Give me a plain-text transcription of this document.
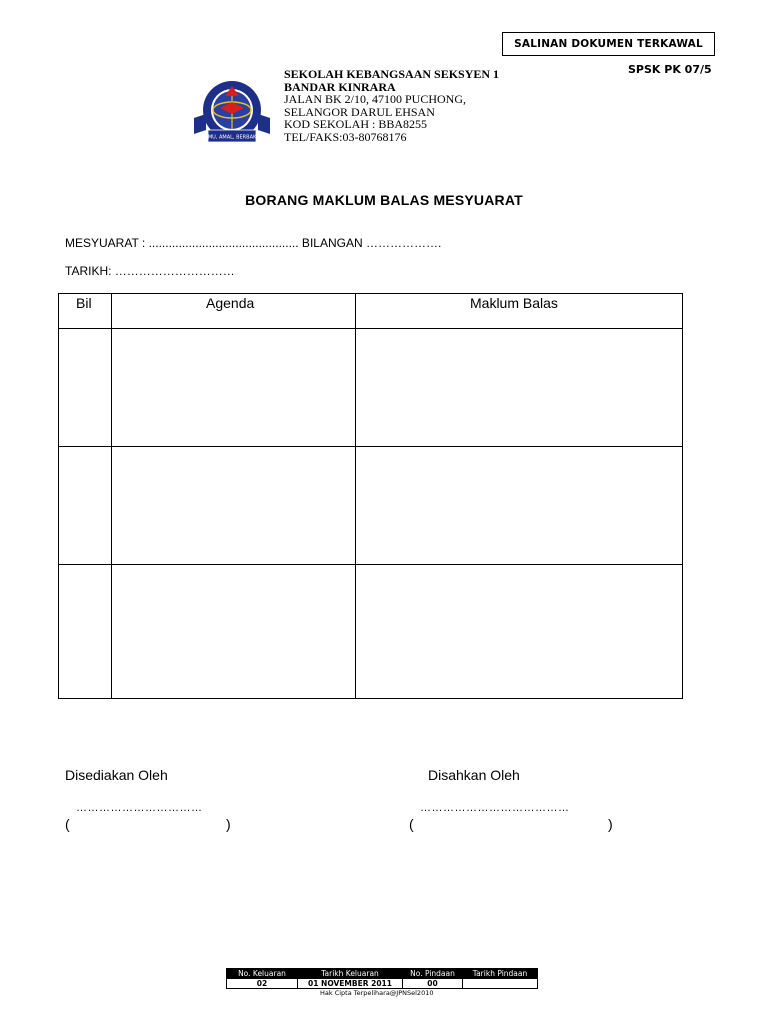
SALINAN DOKUMEN TERKAWAL
SPSK PK 07/5
ILMU, AMAL, BERBAKTI
SEKOLAH KEBANGSAAN SEKSYEN 1
BANDAR KINRARA
JALAN BK 2/10, 47100 PUCHONG,
SELANGOR DARUL EHSAN
KOD SEKOLAH : BBA8255
TEL/FAKS:03-80768176
BORANG MAKLUM BALAS MESYUARAT
MESYUARAT : ............................................. BILANGAN ……………….
TARIKH: …………………………
Bil	Agenda	Maklum Balas

Disediakan Oleh	Disahkan Oleh
……………………………	…………………………………
(	)	(	)
No. Keluaran	Tarikh Keluaran	No. Pindaan	Tarikh Pindaan
02	01 NOVEMBER 2011	00	
Hak Cipta Terpelihara@JPNSel2010
